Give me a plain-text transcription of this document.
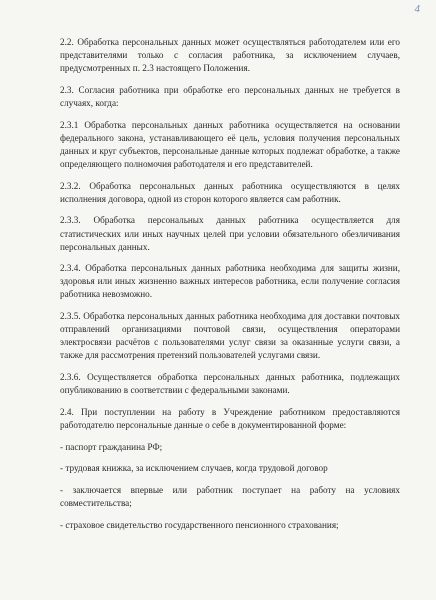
4

2.2. Обработка персональных данных может осуществляться работодателем или его представителями только с согласия работника, за исключением случаев, предусмотренных п. 2.3 настоящего Положения.

2.3. Согласия работника при обработке его персональных данных не требуется в случаях, когда:

2.3.1 Обработка персональных данных работника осуществляется на основании федерального закона, устанавливающего её цель, условия получения персональных данных и круг субъектов, персональные данные которых подлежат обработке, а также определяющего полномочия работодателя и его представителей.

2.3.2. Обработка персональных данных работника осуществляются в целях исполнения договора, одной из сторон которого является сам работник.

2.3.3. Обработка персональных данных работника осуществляется для статистических или иных научных целей при условии обязательного обезличивания персональных данных.

2.3.4. Обработка персональных данных работника необходима для защиты жизни, здоровья или иных жизненно важных интересов работника, если получение согласия работника невозможно.

2.3.5. Обработка персональных данных работника необходима для доставки почтовых отправлений организациями почтовой связи, осуществления операторами электросвязи расчётов с пользователями услуг связи за оказанные услуги связи, а также для рассмотрения претензий пользователей услугами связи.

2.3.6. Осуществляется обработка персональных данных работника, подлежащих опубликованию в соответствии с федеральными законами.

2.4. При поступлении на работу в Учреждение работником предоставляются работодателю персональные данные о себе в документированной форме:

- паспорт гражданина РФ;

- трудовая книжка, за исключением случаев, когда трудовой договор

- заключается впервые или работник поступает на работу на условиях совместительства;

- страховое свидетельство государственного пенсионного страхования;
